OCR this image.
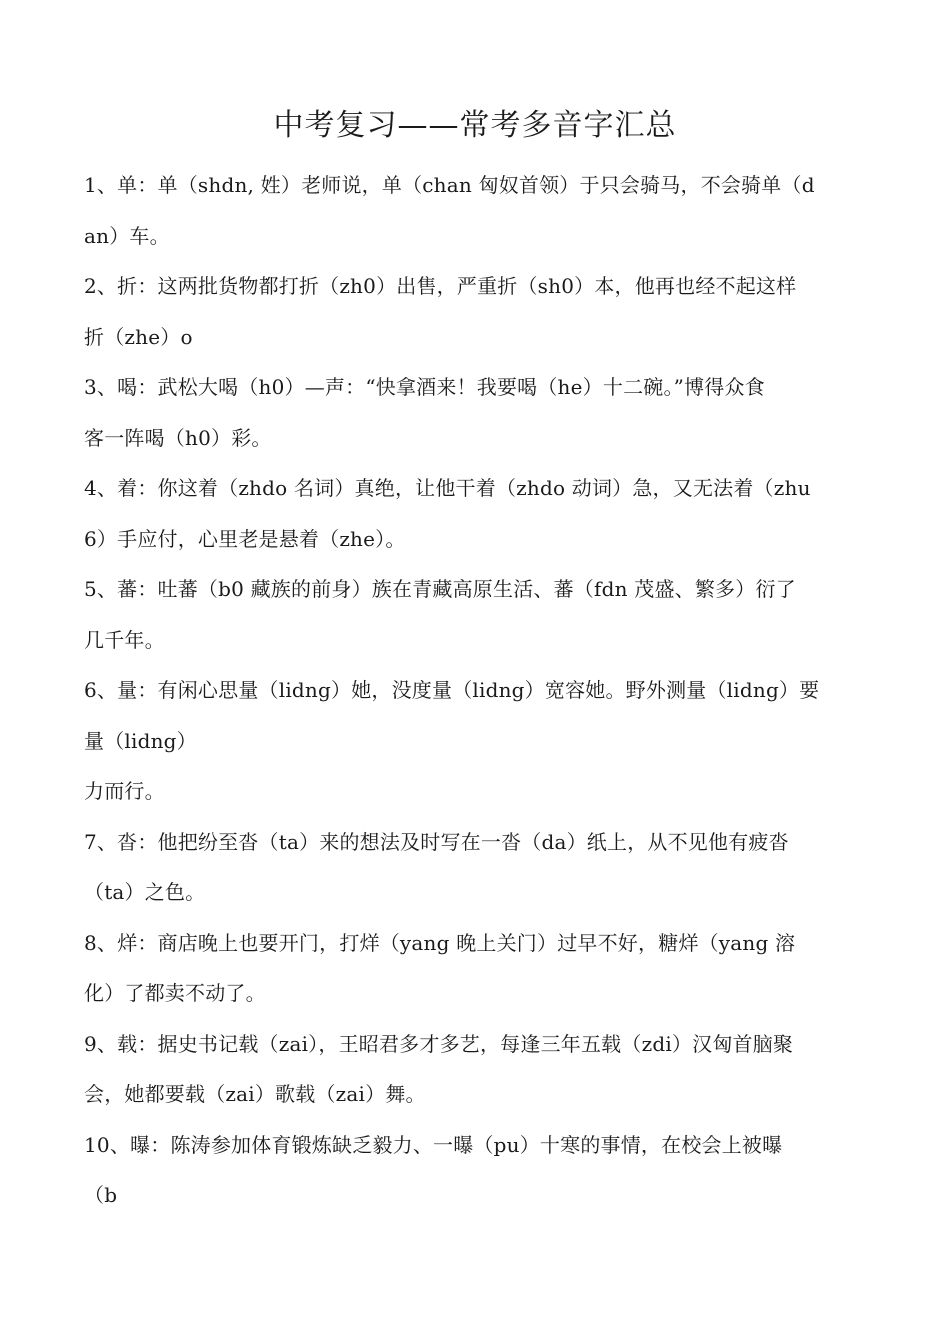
中考复习——常考多音字汇总
1、单：单（shdn, 姓）老师说，单（chan 匈奴首领）于只会骑马，不会骑单（d
an）车。
2、折：这两批货物都打折（zh0）出售，严重折（sh0）本，他再也经不起这样
折（zhe）o
3、喝：武松大喝（h0）—声：“快拿酒来！我要喝（he）十二碗。”博得众食
客一阵喝（h0）彩。
4、着：你这着（zhdo 名词）真绝，让他干着（zhdo 动词）急，又无法着（zhu
6）手应付，心里老是悬着（zhe）。
5、蕃：吐蕃（b0 藏族的前身）族在青藏高原生活、蕃（fdn 茂盛、繁多）衍了
几千年。
6、量：有闲心思量（lidng）她，没度量（lidng）宽容她。野外测量（lidng）要
量（lidng）
力而行。
7、沓：他把纷至沓（ta）来的想法及时写在一沓（da）纸上，从不见他有疲沓
（ta）之色。
8、烊：商店晚上也要开门，打烊（yang 晚上关门）过早不好，糖烊（yang 溶
化）了都卖不动了。
9、载：据史书记载（zai），王昭君多才多艺，每逢三年五载（zdi）汉匈首脑聚
会，她都要载（zai）歌载（zai）舞。
10、曝：陈涛参加体育锻炼缺乏毅力、一曝（pu）十寒的事情，在校会上被曝
（b
